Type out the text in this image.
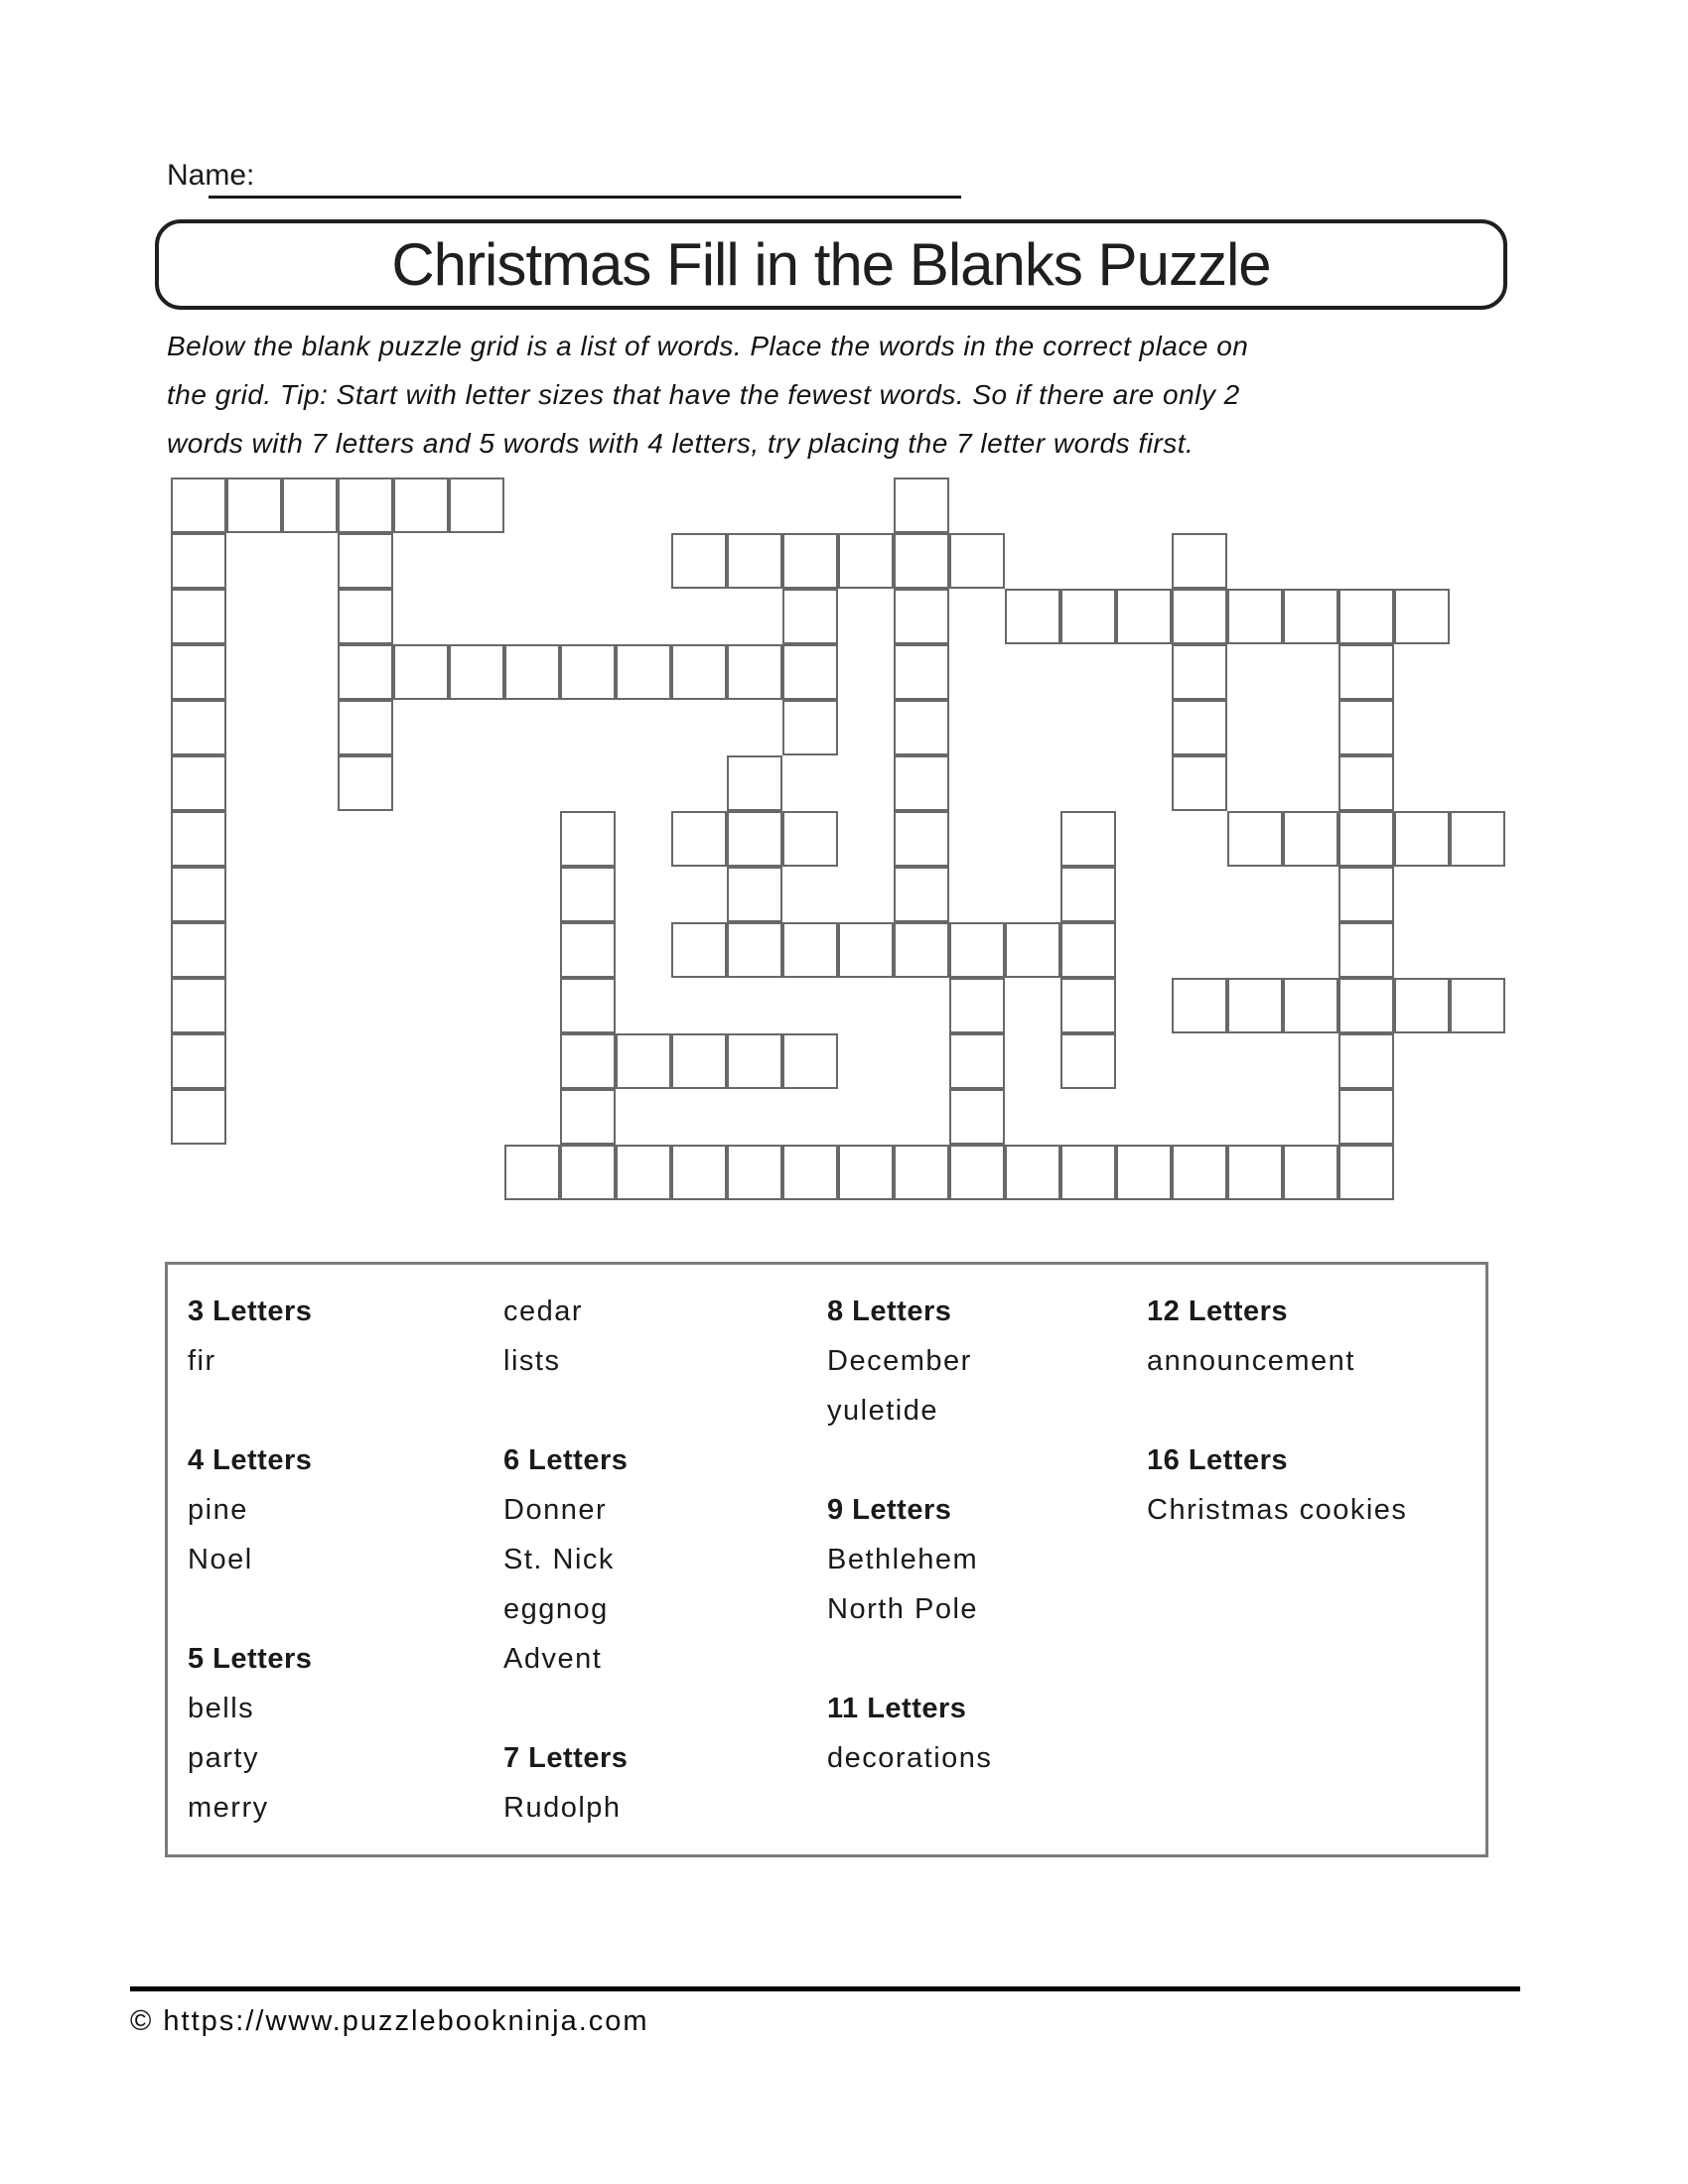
Name:
Christmas Fill in the Blanks Puzzle
Below the blank puzzle grid is a list of words. Place the words in the correct place on
the grid. Tip: Start with letter sizes that have the fewest words. So if there are only 2
words with 7 letters and 5 words with 4 letters, try placing the 7 letter words first.
3 Letters
fir

4 Letters
pine
Noel

5 Letters
bells
party
merry
cedar
lists

6 Letters
Donner
St. Nick
eggnog
Advent

7 Letters
Rudolph
8 Letters
December
yuletide

9 Letters
Bethlehem
North Pole

11 Letters
decorations
12 Letters
announcement

16 Letters
Christmas cookies
© https://www.puzzlebookninja.com
